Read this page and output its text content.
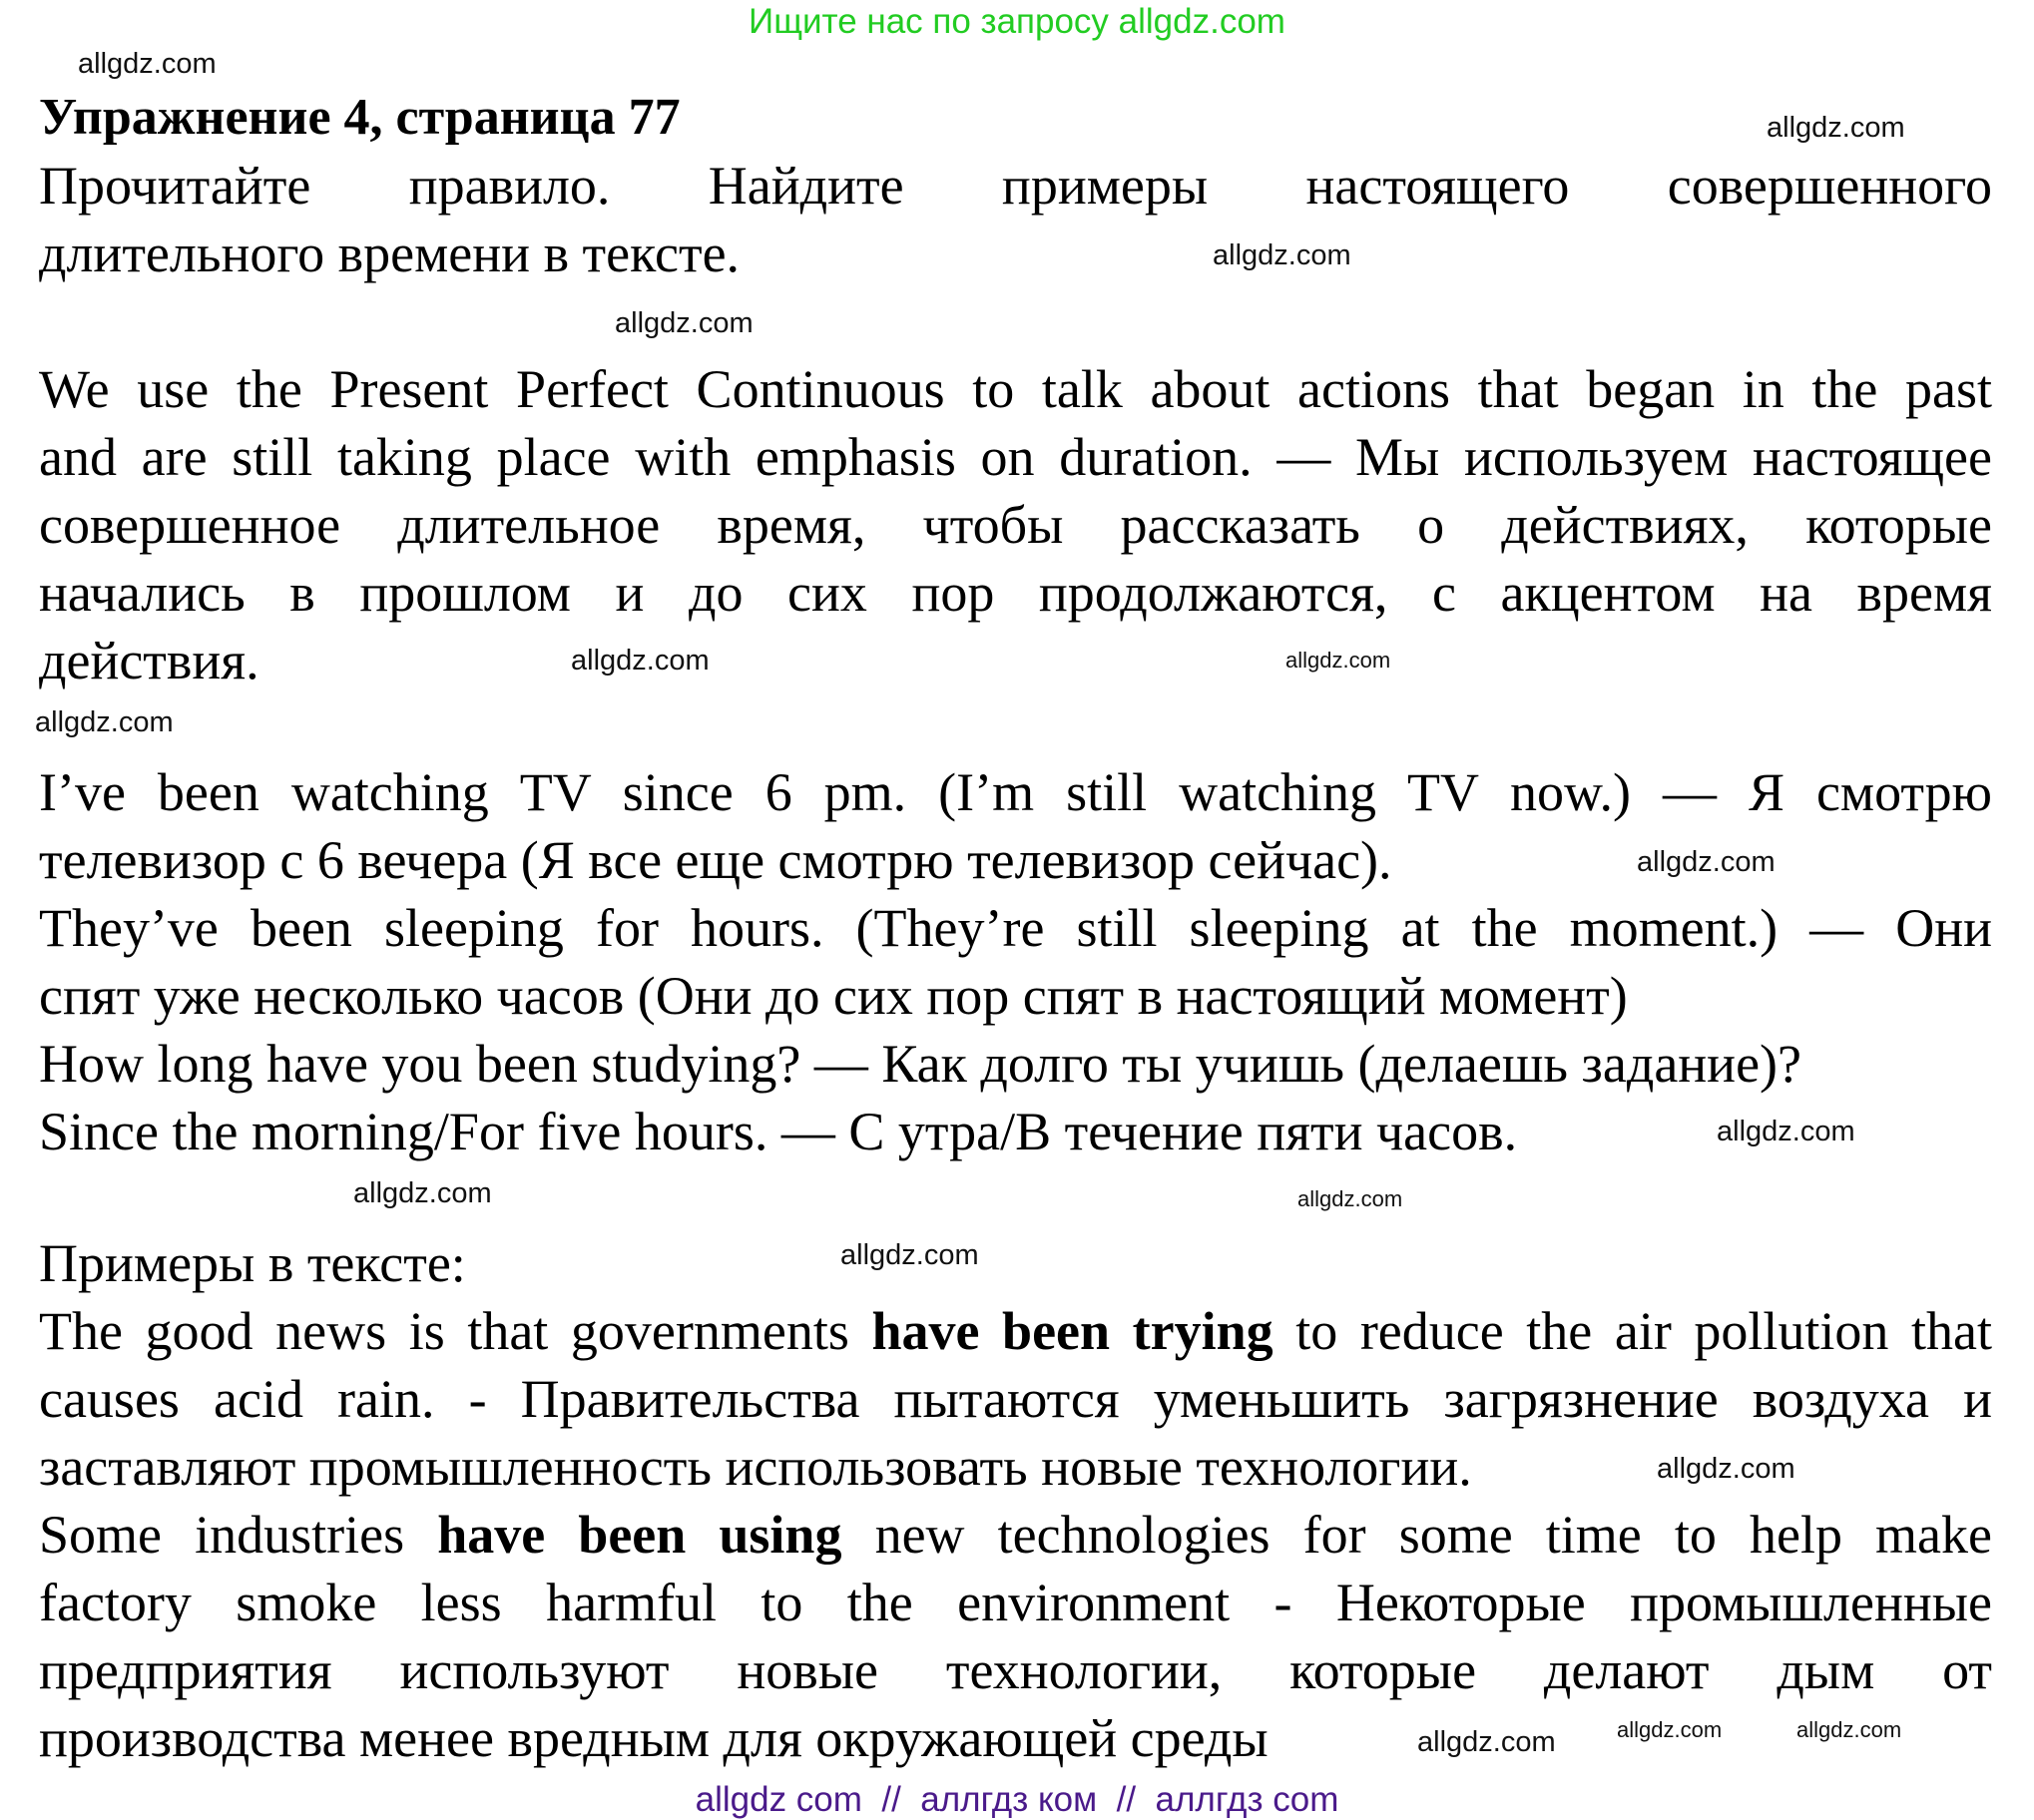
Ищите нас по запросу allgdz.com
Упражнение 4, страница 77
Прочитайте правило. Найдите примеры настоящего совершенного
длительного времени в тексте.
We use the Present Perfect Continuous to talk about actions that began in the past
and are still taking place with emphasis on duration. — Мы используем настоящее
совершенное длительное время, чтобы рассказать о действиях, которые
начались в прошлом и до сих пор продолжаются, с акцентом на время
действия.
I’ve been watching TV since 6 pm. (I’m still watching TV now.) — Я смотрю
телевизор с 6 вечера (Я все еще смотрю телевизор сейчас).
They’ve been sleeping for hours. (They’re still sleeping at the moment.) — Они
спят уже несколько часов (Они до сих пор спят в настоящий момент)
How long have you been studying? — Как долго ты учишь (делаешь задание)?
Since the morning/For five hours. — С утра/В течение пяти часов.
Примеры в тексте:
The good news is that governments have been trying to reduce the air pollution that
causes acid rain. - Правительства пытаются уменьшить загрязнение воздуха и
заставляют промышленность использовать новые технологии.
Some industries have been using new technologies for some time to help make
factory smoke less harmful to the environment - Некоторые промышленные
предприятия используют новые технологии, которые делают дым от
производства менее вредным для окружающей среды
allgdz.com
allgdz.com
allgdz.com
allgdz.com
allgdz.com
allgdz.com
allgdz.com
allgdz.com
allgdz.com
allgdz.com
allgdz.com
allgdz.com
allgdz.com
allgdz.com	allgdz.com
allgdz.com
allgdz com  //  аллгдз ком  //  аллгдз com
